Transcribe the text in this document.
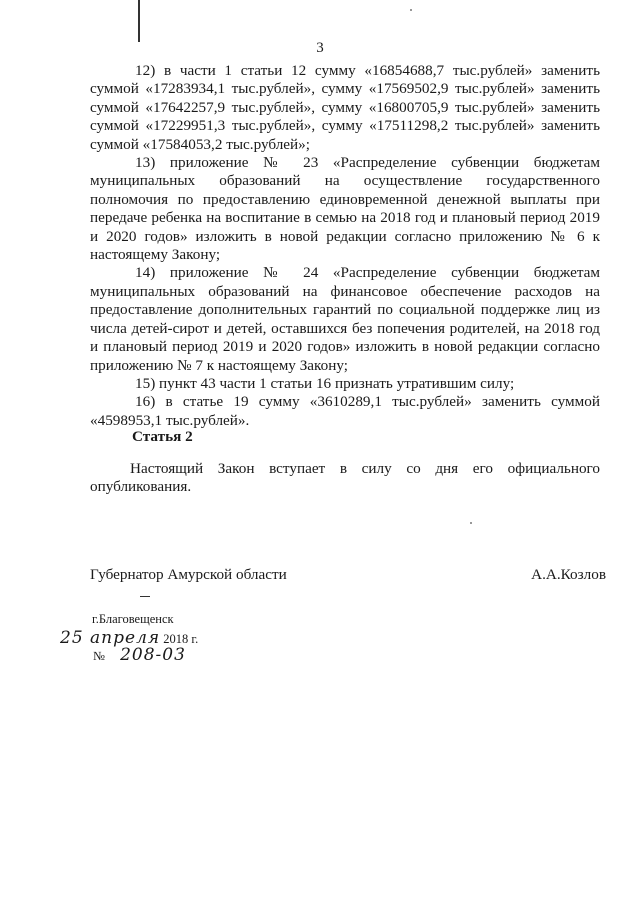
3

12) в части 1 статьи 12 сумму «16854688,7 тыс.рублей» заменить суммой «17283934,1 тыс.рублей», сумму «17569502,9 тыс.рублей» заменить суммой «17642257,9 тыс.рублей», сумму «16800705,9 тыс.рублей» заменить суммой «17229951,3 тыс.рублей», сумму «17511298,2 тыс.рублей» заменить суммой «17584053,2 тыс.рублей»;

13) приложение № 23 «Распределение субвенции бюджетам муниципальных образований на осуществление государственного полномочия по предоставлению единовременной денежной выплаты при передаче ребенка на воспитание в семью на 2018 год и плановый период 2019 и 2020 годов» изложить в новой редакции согласно приложению № 6 к настоящему Закону;

14) приложение № 24 «Распределение субвенции бюджетам муниципальных образований на финансовое обеспечение расходов на предоставление дополнительных гарантий по социальной поддержке лиц из числа детей-сирот и детей, оставшихся без попечения родителей, на 2018 год и плановый период 2019 и 2020 годов» изложить в новой редакции согласно приложению № 7 к настоящему Закону;

15) пункт 43 части 1 статьи 16 признать утратившим силу;

16) в статье 19 сумму «3610289,1 тыс.рублей» заменить суммой «4598953,1 тыс.рублей».

Статья 2

Настоящий Закон вступает в силу со дня его официального опубликования.

Губернатор Амурской области	А.А.Козлов
г.Благовещенск
25 апреля 2018 г.
№ 208-03
